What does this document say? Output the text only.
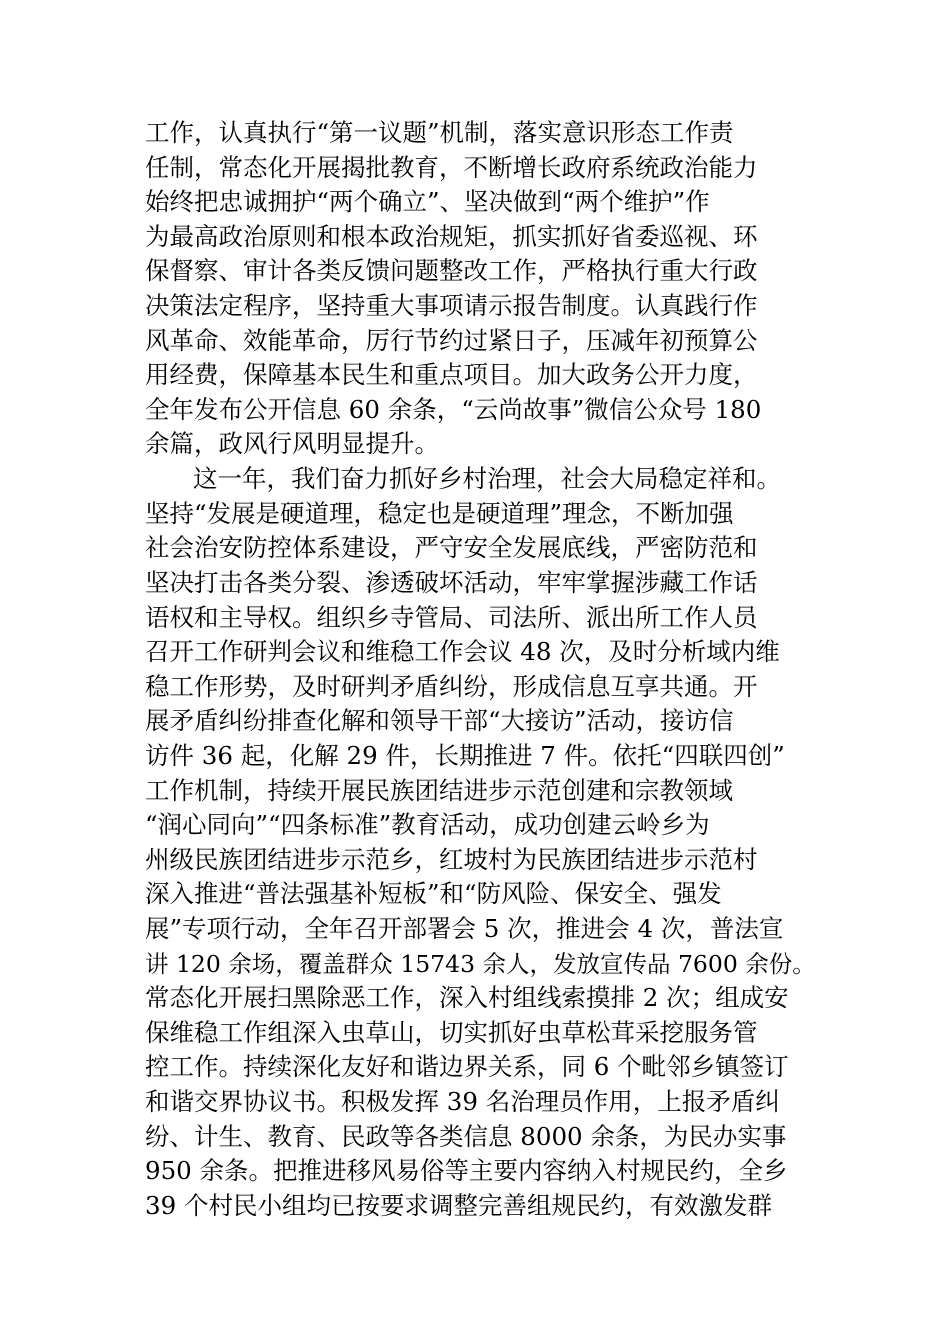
工作，认真执行“第一议题”机制，落实意识形态工作责
任制，常态化开展揭批教育，不断增长政府系统政治能力
始终把忠诚拥护“两个确立”、坚决做到“两个维护”作
为最高政治原则和根本政治规矩，抓实抓好省委巡视、环
保督察、审计各类反馈问题整改工作，严格执行重大行政
决策法定程序，坚持重大事项请示报告制度。认真践行作
风革命、效能革命，厉行节约过紧日子，压减年初预算公
用经费，保障基本民生和重点项目。加大政务公开力度，
全年发布公开信息 60 余条，“云尚故事”微信公众号 180
余篇，政风行风明显提升。
这一年，我们奋力抓好乡村治理，社会大局稳定祥和。
坚持“发展是硬道理，稳定也是硬道理”理念，不断加强
社会治安防控体系建设，严守安全发展底线，严密防范和
坚决打击各类分裂、渗透破坏活动，牢牢掌握涉藏工作话
语权和主导权。组织乡寺管局、司法所、派出所工作人员
召开工作研判会议和维稳工作会议 48 次，及时分析域内维
稳工作形势，及时研判矛盾纠纷，形成信息互享共通。开
展矛盾纠纷排查化解和领导干部“大接访”活动，接访信
访件 36 起，化解 29 件，长期推进 7 件。依托“四联四创”
工作机制，持续开展民族团结进步示范创建和宗教领域
“润心同向”“四条标准”教育活动，成功创建云岭乡为
州级民族团结进步示范乡，红坡村为民族团结进步示范村
深入推进“普法强基补短板”和“防风险、保安全、强发
展”专项行动，全年召开部署会 5 次，推进会 4 次，普法宣
讲 120 余场，覆盖群众 15743 余人，发放宣传品 7600 余份。
常态化开展扫黑除恶工作，深入村组线索摸排 2 次；组成安
保维稳工作组深入虫草山，切实抓好虫草松茸采挖服务管
控工作。持续深化友好和谐边界关系，同 6 个毗邻乡镇签订
和谐交界协议书。积极发挥 39 名治理员作用，上报矛盾纠
纷、计生、教育、民政等各类信息 8000 余条，为民办实事
950 余条。把推进移风易俗等主要内容纳入村规民约，全乡
39 个村民小组均已按要求调整完善组规民约，有效激发群
